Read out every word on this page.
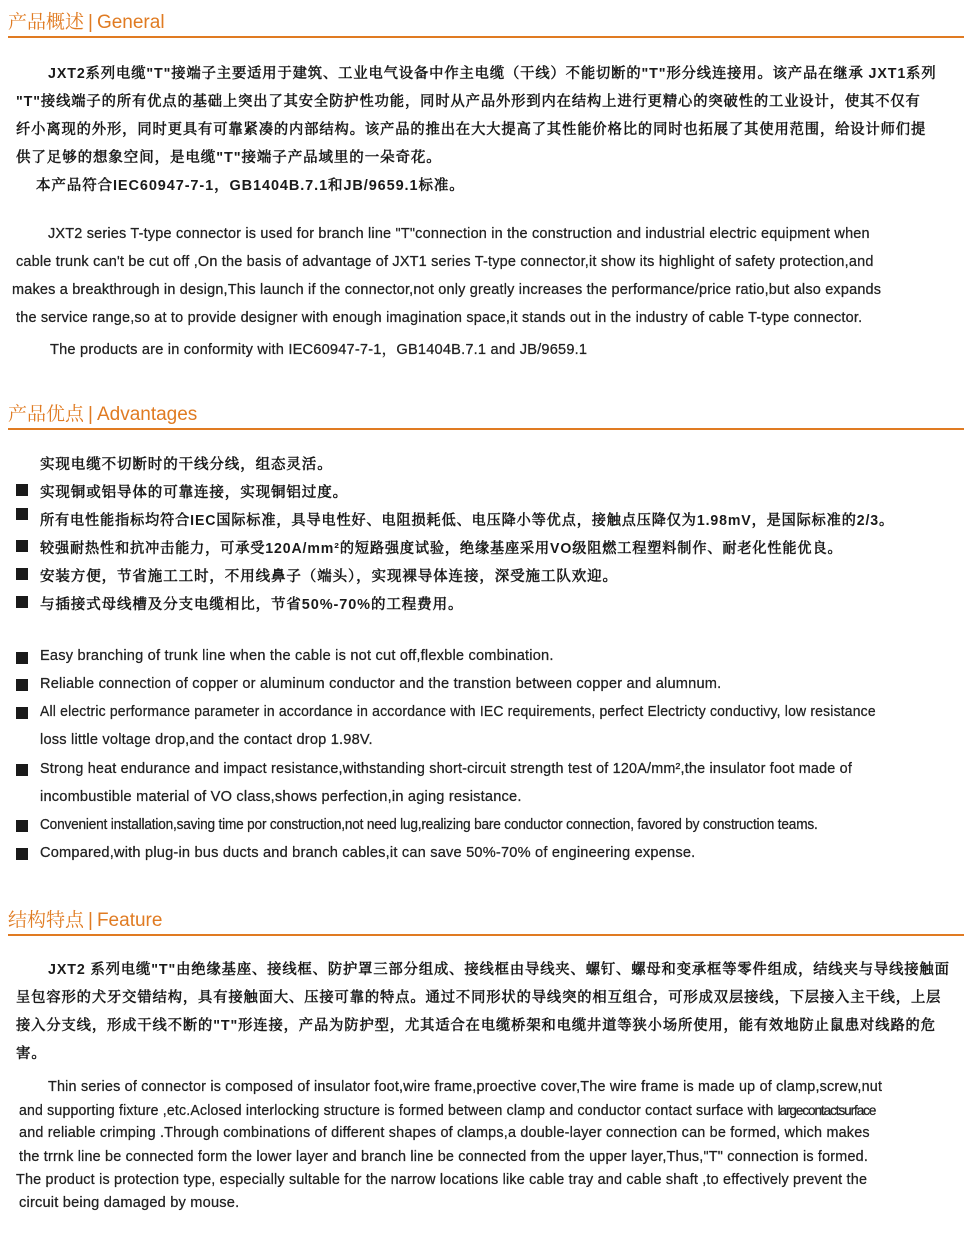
产品概述 | General
JXT2系列电缆"T"接端子主要适用于建筑、工业电气设备中作主电缆（干线）不能切断的"T"形分线连接用。该产品在继承 JXT1系列
"T"接线端子的所有优点的基础上突出了其安全防护性功能，同时从产品外形到内在结构上进行更精心的突破性的工业设计，使其不仅有
纤小离现的外形，同时更具有可靠紧凑的内部结构。该产品的推出在大大提高了其性能价格比的同时也拓展了其使用范围，给设计师们提
供了足够的想象空间，是电缆"T"接端子产品域里的一朵奇花。
本产品符合IEC60947-7-1，GB1404B.7.1和JB/9659.1标准。
JXT2 series T-type connector is used for branch line "T"connection in the construction and industrial electric equipment when
cable trunk can't be cut off ,On the basis of advantage of JXT1 series T-type connector,it show its highlight of safety protection,and
makes a breakthrough in design,This launch if the connector,not only greatly increases the performance/price ratio,but also expands
the service range,so at to provide designer with enough imagination space,it stands out in the industry of cable T-type connector.
The products are in conformity with IEC60947-7-1，GB1404B.7.1 and JB/9659.1
产品优点 | Advantages
实现电缆不切断时的干线分线，组态灵活。
实现铜或铝导体的可靠连接，实现铜铝过度。
所有电性能指标均符合IEC国际标准，具导电性好、电阻损耗低、电压降小等优点，接触点压降仅为1.98mV，是国际标准的2/3。
较强耐热性和抗冲击能力，可承受120A/mm²的短路强度试验，绝缘基座采用VO级阻燃工程塑料制作、耐老化性能优良。
安装方便，节省施工工时，不用线鼻子（端头），实现裸导体连接，深受施工队欢迎。
与插接式母线槽及分支电缆相比，节省50%-70%的工程费用。
Easy branching of trunk line when the cable is not cut off,flexble combination.
Reliable connection of copper or aluminum conductor and the transtion between copper and alumnum.
All electric performance parameter in accordance in accordance with IEC requirements, perfect Electricty conductivy, low resistance
loss little voltage drop,and the contact drop 1.98V.
Strong heat endurance and impact resistance,withstanding short-circuit strength test of 120A/mm²,the insulator foot made of
incombustible material of VO class,shows perfection,in aging resistance.
Convenient installation,saving time por construction,not need lug,realizing bare conductor connection, favored by construction teams.
Compared,with plug-in bus ducts and branch cables,it can save 50%-70% of engineering expense.
结构特点 | Feature
JXT2 系列电缆"T"由绝缘基座、接线框、防护罩三部分组成、接线框由导线夹、螺钉、螺母和变承框等零件组成，结线夹与导线接触面
呈包容形的犬牙交错结构，具有接触面大、压接可靠的特点。通过不同形状的导线突的相互组合，可形成双层接线，下层接入主干线，上层
接入分支线，形成干线不断的"T"形连接，产品为防护型，尤其适合在电缆桥架和电缆井道等狭小场所使用，能有效地防止鼠患对线路的危
害。
Thin series of connector is composed of insulator foot,wire frame,proective cover,The wire frame is made up of clamp,screw,nut
and supporting fixture ,etc.Aclosed interlocking structure is formed between clamp and conductor contact surface with largecontactsurface
and reliable crimping .Through combinations of different shapes of clamps,a double-layer connection can be formed, which makes
the trrnk line be connected form the lower layer and branch line be connected from the upper layer,Thus,"T" connection is formed.
The product is protection type, especially sultable for the narrow locations like cable tray and cable shaft ,to effectively prevent the
circuit being damaged by mouse.
